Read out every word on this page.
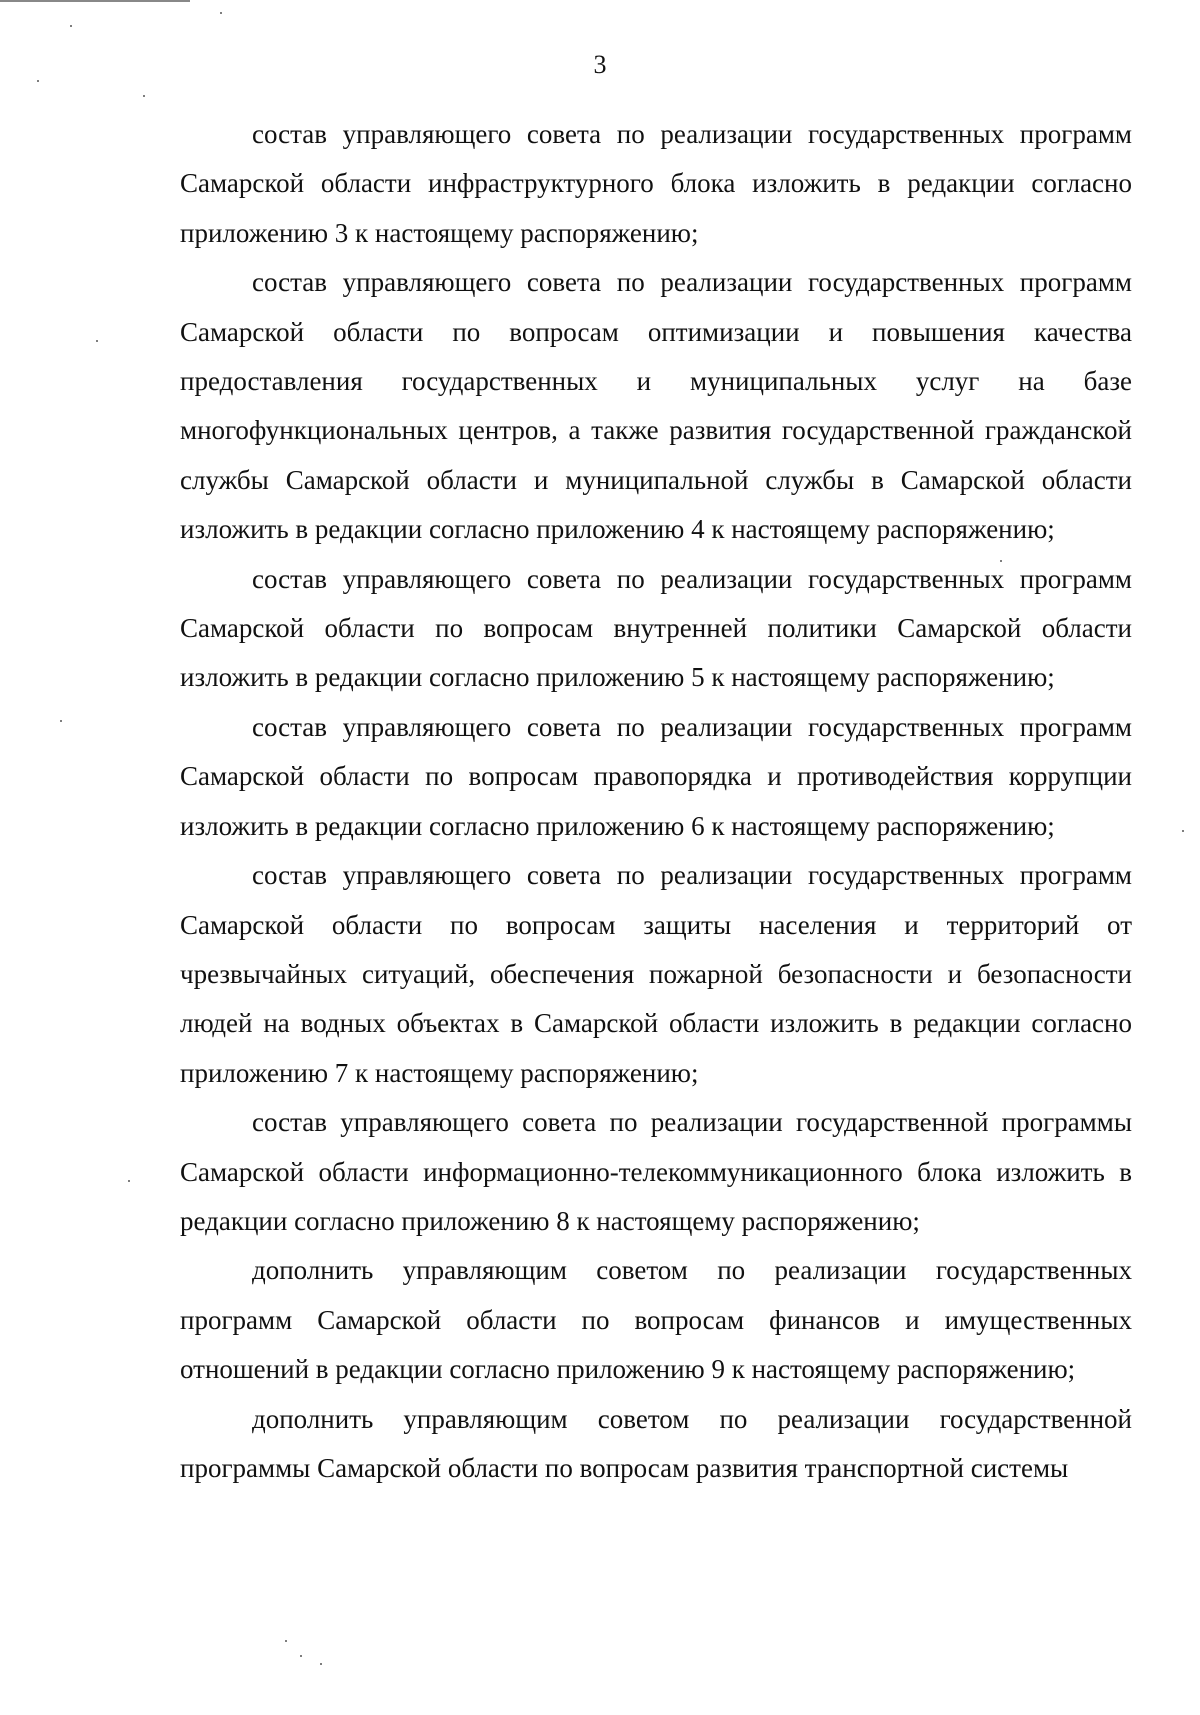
3

состав управляющего совета по реализации государственных программ Самарской области инфраструктурного блока изложить в редакции согласно приложению 3 к настоящему распоряжению;

состав управляющего совета по реализации государственных программ Самарской области по вопросам оптимизации и повышения качества предоставления государственных и муниципальных услуг на базе многофункциональных центров, а также развития государственной гражданской службы Самарской области и муниципальной службы в Самарской области изложить в редакции согласно приложению 4 к настоящему распоряжению;

состав управляющего совета по реализации государственных программ Самарской области по вопросам внутренней политики Самарской области изложить в редакции согласно приложению 5 к настоящему распоряжению;

состав управляющего совета по реализации государственных программ Самарской области по вопросам правопорядка и противодействия коррупции изложить в редакции согласно приложению 6 к настоящему распоряжению;

состав управляющего совета по реализации государственных программ Самарской области по вопросам защиты населения и территорий от чрезвычайных ситуаций, обеспечения пожарной безопасности и безопасности людей на водных объектах в Самарской области изложить в редакции согласно приложению 7 к настоящему распоряжению;

состав управляющего совета по реализации государственной программы Самарской области информационно-телекоммуникационного блока изложить в редакции согласно приложению 8 к настоящему распоряжению;

дополнить управляющим советом по реализации государственных программ Самарской области по вопросам финансов и имущественных отношений в редакции согласно приложению 9 к настоящему распоряжению;

дополнить управляющим советом по реализации государственной программы Самарской области по вопросам развития транспортной системы
